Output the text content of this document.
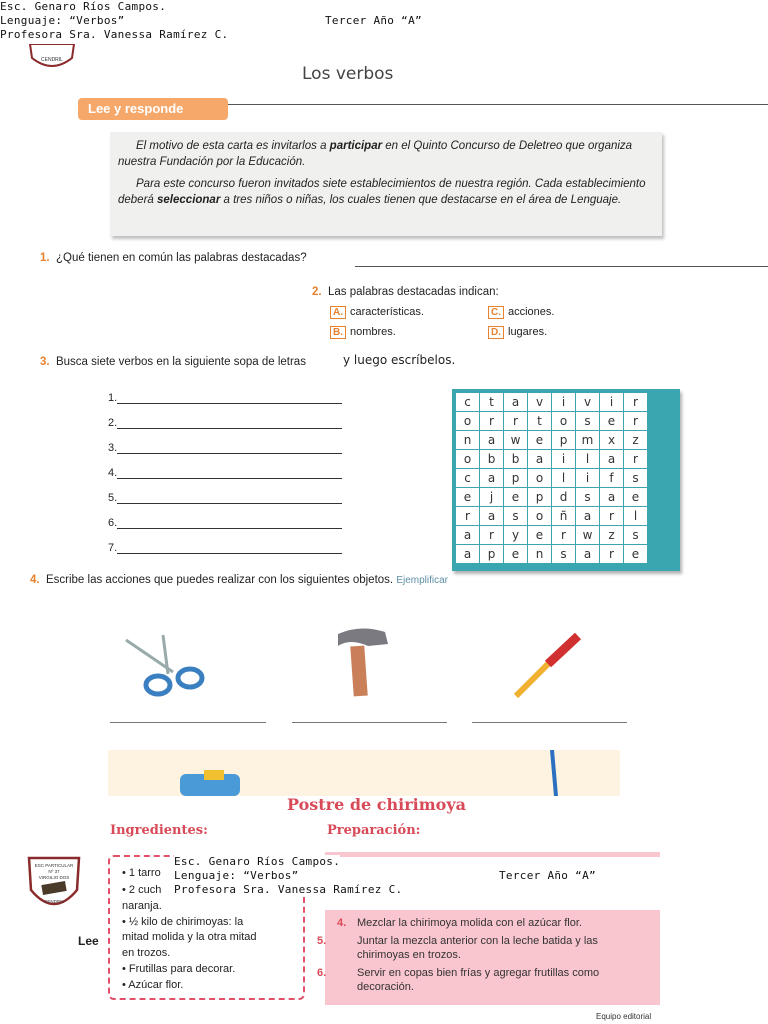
Esc. Genaro Ríos Campos.
Lenguaje: “Verbos”	Tercer Año “A”
Profesora Sra. Vanessa Ramírez C.
CENDRIL
Los verbos
Lee y responde

El motivo de esta carta es invitarlos a participar en el Quinto Concurso de Deletreo que organiza nuestra Fundación por la Educación.

Para este concurso fueron invitados siete establecimientos de nuestra región. Cada establecimiento deberá seleccionar a tres niños o niñas, los cuales tienen que destacarse en el área de Lenguaje.

1. ¿Qué tienen en común las palabras destacadas?
2. Las palabras destacadas indican:
A. características.	C. acciones.
B. nombres.	D. lugares.
3. Busca siete verbos en la siguiente sopa de letras	y luego escríbelos.
1.
2.
3.
4.
5.
6.
7.
c	t	a	v	i	v	i	r
o	r	r	t	o	s	e	r
n	a	w	e	p	m	x	z
o	b	b	a	i	l	a	r
c	a	p	o	l	i	f	s
e	j	e	p	d	s	a	e
r	a	s	o	ñ	a	r	l
a	r	y	e	r	w	z	s
a	p	e	n	s	a	r	e
4. Escribe las acciones que puedes realizar con los siguientes objetos. Ejemplificar
Postre de chirimoya
Ingredientes:	Preparación:
4. Mezclar la chirimoya molida con el azúcar flor.
5.	Juntar la mezcla anterior con la leche batida y las chirimoyas en trozos.
6.	Servir en copas bien frías y agregar frutillas como decoración.
• 1 tarro
• 2 cuch
naranja.
• ½ kilo de chirimoyas: la
mitad molida y la otra mitad
en trozos.
• Frutillas para decorar.
• Azúcar flor.
Lee
Esc. Genaro Ríos Campos.
Lenguaje: “Verbos”	Tercer Año “A”
Profesora Sra. Vanessa Ramírez C.
ESC PARTICULAR
Nº 37
VIRGILIO DOS
CENDRIL
Equipo editorial
